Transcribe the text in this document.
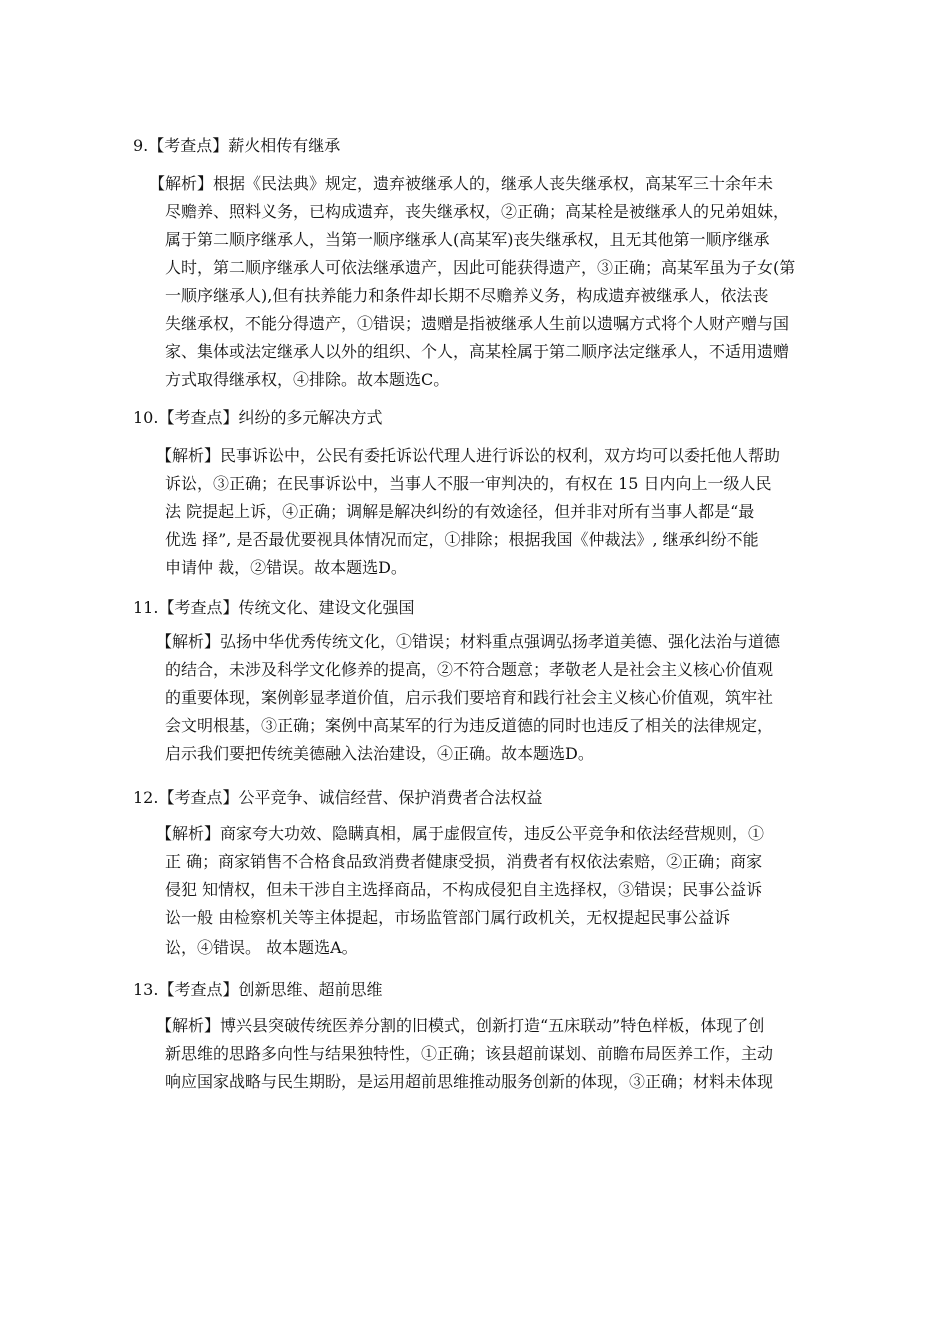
9.【考查点】薪火相传有继承
【解析】根据《民法典》规定，遗弃被继承人的，继承人丧失继承权，高某军三十余年未
尽赡养、照料义务，已构成遗弃，丧失继承权，②正确；高某栓是被继承人的兄弟姐妹，
属于第二顺序继承人，当第一顺序继承人(高某军)丧失继承权，且无其他第一顺序继承
人时，第二顺序继承人可依法继承遗产，因此可能获得遗产，③正确；高某军虽为子女(第
一顺序继承人),但有扶养能力和条件却长期不尽赡养义务，构成遗弃被继承人，依法丧
失继承权，不能分得遗产，①错误；遗赠是指被继承人生前以遗嘱方式将个人财产赠与国
家、集体或法定继承人以外的组织、个人，高某栓属于第二顺序法定继承人，不适用遗赠
方式取得继承权，④排除。故本题选C。
10.【考查点】纠纷的多元解决方式
【解析】民事诉讼中，公民有委托诉讼代理人进行诉讼的权利，双方均可以委托他人帮助
诉讼，③正确；在民事诉讼中，当事人不服一审判决的，有权在 15 日内向上一级人民
法 院提起上诉，④正确；调解是解决纠纷的有效途径，但并非对所有当事人都是“最
优选 择”, 是否最优要视具体情况而定，①排除；根据我国《仲裁法》, 继承纠纷不能
申请仲 裁，②错误。故本题选D。
11.【考查点】传统文化、建设文化强国
【解析】弘扬中华优秀传统文化，①错误；材料重点强调弘扬孝道美德、强化法治与道德
的结合，未涉及科学文化修养的提高，②不符合题意；孝敬老人是社会主义核心价值观
的重要体现，案例彰显孝道价值，启示我们要培育和践行社会主义核心价值观，筑牢社
会文明根基，③正确；案例中高某军的行为违反道德的同时也违反了相关的法律规定，
启示我们要把传统美德融入法治建设，④正确。故本题选D。
12.【考查点】公平竞争、诚信经营、保护消费者合法权益
【解析】商家夸大功效、隐瞒真相，属于虚假宣传，违反公平竞争和依法经营规则，①
正 确；商家销售不合格食品致消费者健康受损，消费者有权依法索赔，②正确；商家
侵犯 知情权，但未干涉自主选择商品，不构成侵犯自主选择权，③错误；民事公益诉
讼一般 由检察机关等主体提起，市场监管部门属行政机关，无权提起民事公益诉
讼，④错误。 故本题选A。
13.【考查点】创新思维、超前思维
【解析】博兴县突破传统医养分割的旧模式，创新打造“五床联动”特色样板，体现了创
新思维的思路多向性与结果独特性，①正确；该县超前谋划、前瞻布局医养工作，主动
响应国家战略与民生期盼，是运用超前思维推动服务创新的体现，③正确；材料未体现
